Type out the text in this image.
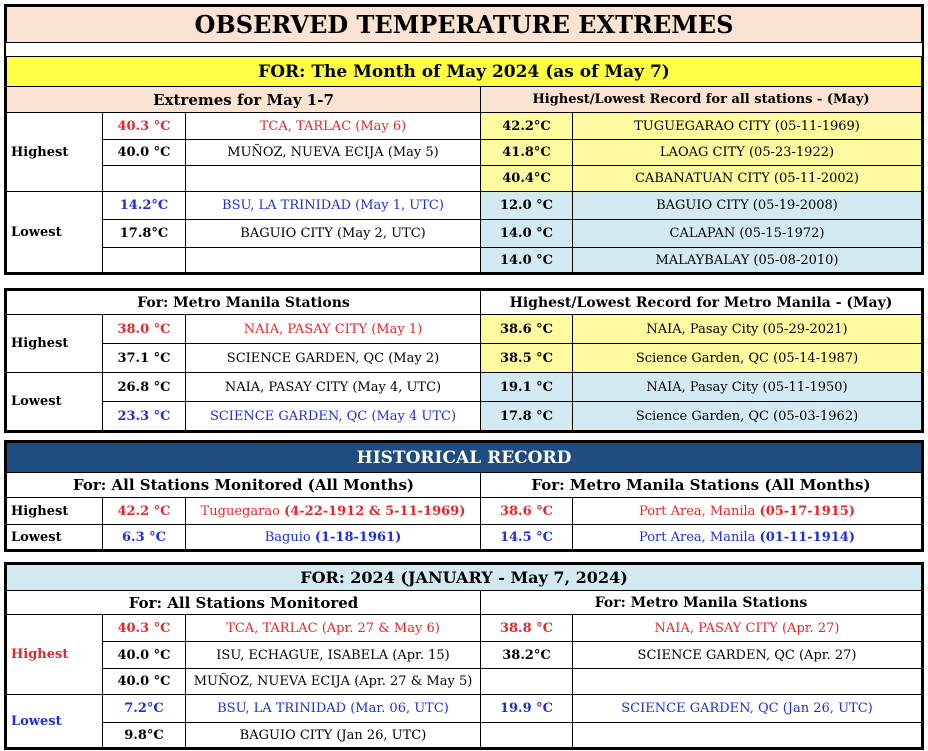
OBSERVED TEMPERATURE EXTREMES				

FOR: The Month of May 2024 (as of May 7)				
Extremes for May 1-7			Highest/Lowest Record for all stations - (May)	
Highest	40.3 °C	TCA, TARLAC (May 6)	42.2°C	TUGUEGARAO CITY (05-11-1969)
	40.0 °C	MUÑOZ, NUEVA ECIJA (May 5)	41.8°C	LAOAG CITY (05-23-1922)
			40.4°C	CABANATUAN CITY (05-11-2002)
Lowest	14.2°C	BSU, LA TRINIDAD (May 1, UTC)	12.0 °C	BAGUIO CITY (05-19-2008)
	17.8°C	BAGUIO CITY (May 2, UTC)	14.0 °C	CALAPAN (05-15-1972)
			14.0 °C	MALAYBALAY (05-08-2010)
For: Metro Manila Stations			Highest/Lowest Record for Metro Manila - (May)	
Highest	38.0 °C	NAIA, PASAY CITY (May 1)	38.6 °C	NAIA, Pasay City (05-29-2021)
	37.1 °C	SCIENCE GARDEN, QC (May 2)	38.5 °C	Science Garden, QC (05-14-1987)
Lowest	26.8 °C	NAIA, PASAY CITY (May 4, UTC)	19.1 °C	NAIA, Pasay City (05-11-1950)
	23.3 °C	SCIENCE GARDEN, QC (May 4 UTC)	17.8 °C	Science Garden, QC (05-03-1962)
HISTORICAL RECORD				
For: All Stations Monitored (All Months)			For: Metro Manila Stations (All Months)	
Highest	42.2 °C	Tuguegarao (4-22-1912 & 5-11-1969)	38.6 °C	Port Area, Manila (05-17-1915)
Lowest	6.3 °C	Baguio (1-18-1961)	14.5 °C	Port Area, Manila (01-11-1914)
FOR: 2024 (JANUARY - May 7, 2024)				
For: All Stations Monitored			For: Metro Manila Stations	
Highest	40.3 °C	TCA, TARLAC (Apr. 27 & May 6)	38.8 °C	NAIA, PASAY CITY (Apr. 27)
	40.0 °C	ISU, ECHAGUE, ISABELA (Apr. 15)	38.2°C	SCIENCE GARDEN, QC (Apr. 27)
	40.0 °C	MUÑOZ, NUEVA ECIJA (Apr. 27 & May 5)		
Lowest	7.2°C	BSU, LA TRINIDAD (Mar. 06, UTC)	19.9 °C	SCIENCE GARDEN, QC (Jan 26, UTC)
	9.8°C	BAGUIO CITY (Jan 26, UTC)		
